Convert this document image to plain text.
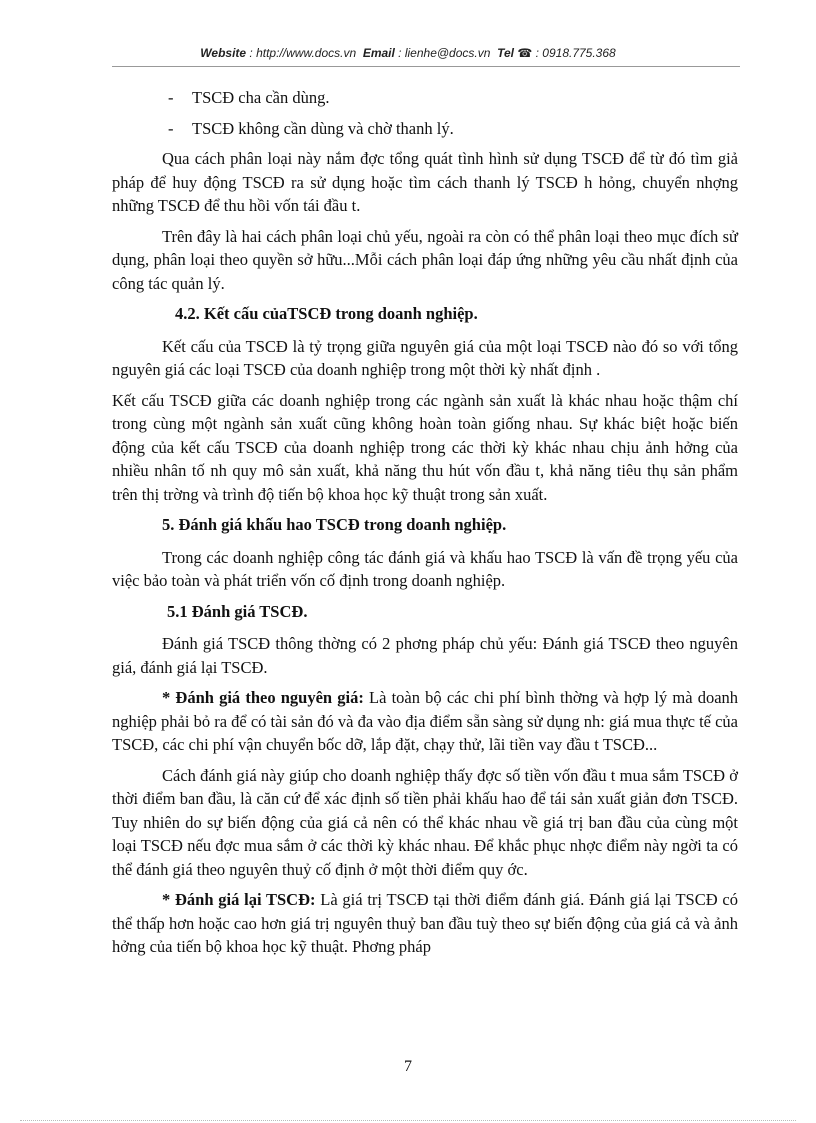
Website : http://www.docs.vn Email : lienhe@docs.vn Tel ☎ : 0918.775.368

- TSCĐ cha cần dùng.

- TSCĐ không cần dùng và chờ thanh lý.

Qua cách phân loại này nắm đợc tổng quát tình hình sử dụng TSCĐ để từ đó tìm giả pháp để huy động TSCĐ ra sử dụng hoặc tìm cách thanh lý TSCĐ h hỏng, chuyển nhợng những TSCĐ để thu hồi vốn tái đầu t.

Trên đây là hai cách phân loại chủ yếu, ngoài ra còn có thể phân loại theo mục đích sử dụng, phân loại theo quyền sở hữu...Mỗi cách phân loại đáp ứng những yêu cầu nhất định của công tác quản lý.

4.2. Kết cấu củaTSCĐ trong doanh nghiệp.

Kết cấu của TSCĐ là tỷ trọng giữa nguyên giá của một loại TSCĐ nào đó so với tổng nguyên giá các loại TSCĐ của doanh nghiệp trong một thời kỳ nhất định .

Kết cấu TSCĐ giữa các doanh nghiệp trong các ngành sản xuất là khác nhau hoặc thậm chí trong cùng một ngành sản xuất cũng không hoàn toàn giống nhau. Sự khác biệt hoặc biến động của kết cấu TSCĐ của doanh nghiệp trong các thời kỳ khác nhau chịu ảnh hởng của nhiều nhân tố nh quy mô sản xuất, khả năng thu hút vốn đầu t, khả năng tiêu thụ sản phẩm trên thị trờng và trình độ tiến bộ khoa học kỹ thuật trong sản xuất.

5. Đánh giá khấu hao TSCĐ trong doanh nghiệp.

Trong các doanh nghiệp công tác đánh giá và khấu hao TSCĐ là vấn đề trọng yếu của việc bảo toàn và phát triển vốn cố định trong doanh nghiệp.

5.1 Đánh giá TSCĐ.

Đánh giá TSCĐ thông thờng có 2 phơng pháp chủ yếu: Đánh giá TSCĐ theo nguyên giá, đánh giá lại TSCĐ.

* Đánh giá theo nguyên giá: Là toàn bộ các chi phí bình thờng và hợp lý mà doanh nghiệp phải bỏ ra để có tài sản đó và đa vào địa điểm sẵn sàng sử dụng nh: giá mua thực tế của TSCĐ, các chi phí vận chuyển bốc dỡ, lắp đặt, chạy thử, lãi tiền vay đầu t TSCĐ...

Cách đánh giá này giúp cho doanh nghiệp thấy đợc số tiền vốn đầu t mua sắm TSCĐ ở thời điểm ban đầu, là căn cứ để xác định số tiền phải khấu hao để tái sản xuất giản đơn TSCĐ. Tuy nhiên do sự biến động của giá cả nên có thể khác nhau về giá trị ban đầu của cùng một loại TSCĐ nếu đợc mua sắm ở các thời kỳ khác nhau. Để khắc phục nhợc điểm này ngời ta có thể đánh giá theo nguyên thuỷ cố định ở một thời điểm quy ớc.

* Đánh giá lại TSCĐ: Là giá trị TSCĐ tại thời điểm đánh giá. Đánh giá lại TSCĐ có thể thấp hơn hoặc cao hơn giá trị nguyên thuỷ ban đầu tuỳ theo sự biến động của giá cả và ảnh hởng của tiến bộ khoa học kỹ thuật. Phơng pháp

7
